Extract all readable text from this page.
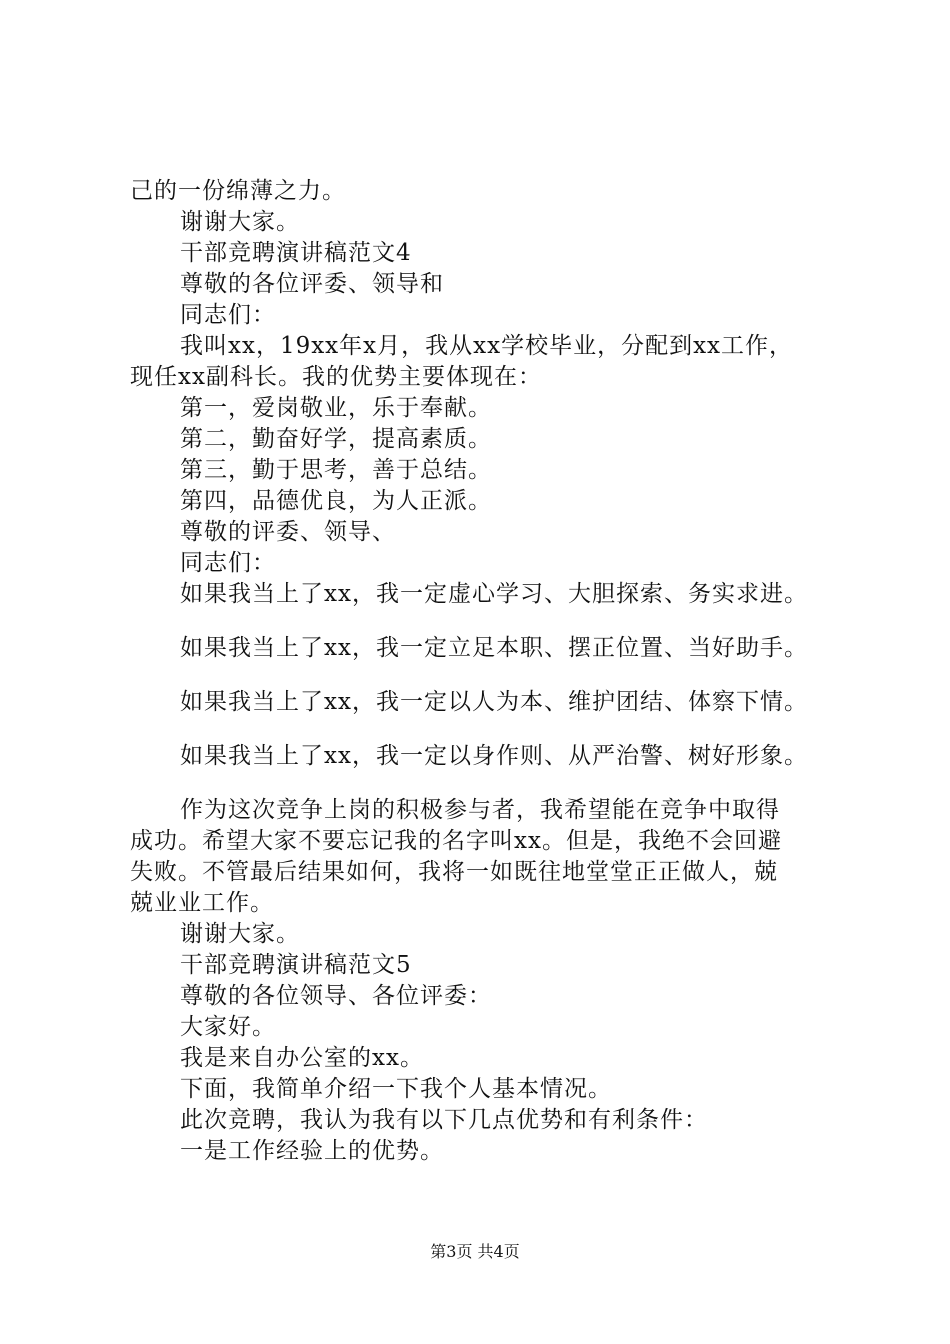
己的一份绵薄之力。
谢谢大家。
干部竞聘演讲稿范文4
尊敬的各位评委、领导和
同志们：
我叫xx，19xx年x月，我从xx学校毕业，分配到xx工作，
现任xx副科长。我的优势主要体现在：
第一，爱岗敬业，乐于奉献。
第二，勤奋好学，提高素质。
第三，勤于思考，善于总结。
第四，品德优良，为人正派。
尊敬的评委、领导、
同志们：
如果我当上了xx，我一定虚心学习、大胆探索、务实求进。
如果我当上了xx，我一定立足本职、摆正位置、当好助手。
如果我当上了xx，我一定以人为本、维护团结、体察下情。
如果我当上了xx，我一定以身作则、从严治警、树好形象。
作为这次竞争上岗的积极参与者，我希望能在竞争中取得
成功。希望大家不要忘记我的名字叫xx。但是，我绝不会回避
失败。不管最后结果如何，我将一如既往地堂堂正正做人，兢
兢业业工作。
谢谢大家。
干部竞聘演讲稿范文5
尊敬的各位领导、各位评委：
大家好。
我是来自办公室的xx。
下面，我简单介绍一下我个人基本情况。
此次竞聘，我认为我有以下几点优势和有利条件：
一是工作经验上的优势。
第3页 共4页
